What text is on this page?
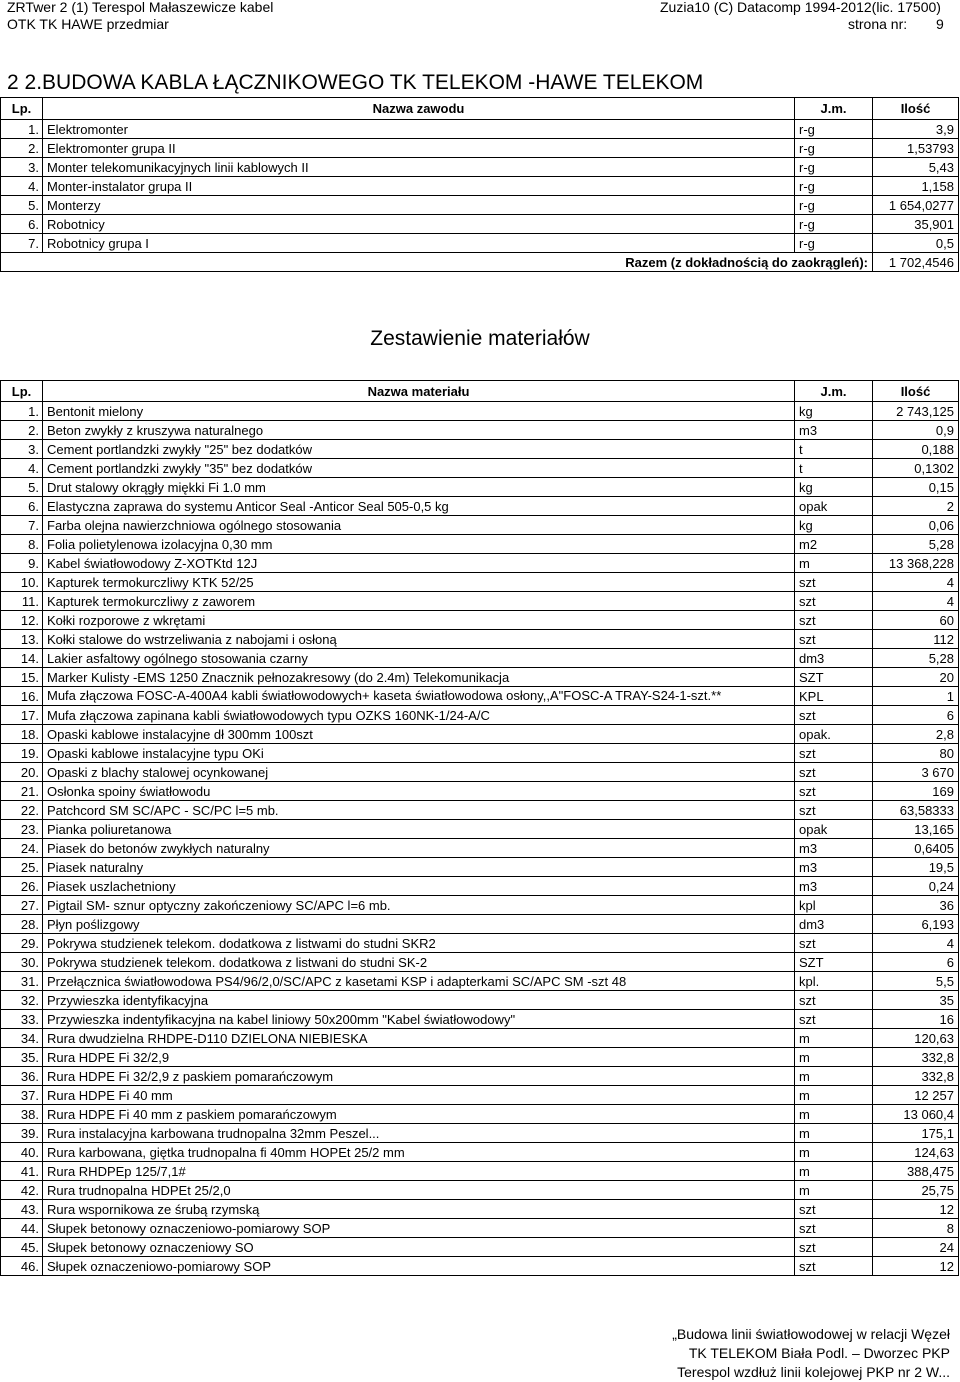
ZRTwer 2 (1) Terespol Małaszewicze kabel
OTK TK HAWE przedmiar
Zuzia10 (C) Datacomp 1994-2012(lic. 17500)
strona nr: 9
2 2.BUDOWA KABLA ŁĄCZNIKOWEGO TK TELEKOM -HAWE TELEKOM
Lp.	Nazwa zawodu	J.m.	Ilość
1.	Elektromonter	r-g	3,9
2.	Elektromonter grupa II	r-g	1,53793
3.	Monter telekomunikacyjnych linii kablowych II	r-g	5,43
4.	Monter-instalator grupa II	r-g	1,158
5.	Monterzy	r-g	1 654,0277
6.	Robotnicy	r-g	35,901
7.	Robotnicy grupa I	r-g	0,5
Razem (z dokładnością do zaokrągleń):			1 702,4546
Zestawienie materiałów
Lp.	Nazwa materiału	J.m.	Ilość
1.	Bentonit mielony	kg	2 743,125
2.	Beton zwykły z kruszywa naturalnego	m3	0,9
3.	Cement portlandzki zwykły "25" bez dodatków	t	0,188
4.	Cement portlandzki zwykły "35" bez dodatków	t	0,1302
5.	Drut stalowy okrągły miękki Fi 1.0 mm	kg	0,15
6.	Elastyczna zaprawa do systemu Anticor Seal -Anticor Seal 505-0,5 kg	opak	2
7.	Farba olejna nawierzchniowa ogólnego stosowania	kg	0,06
8.	Folia polietylenowa izolacyjna 0,30 mm	m2	5,28
9.	Kabel światłowodowy Z-XOTKtd 12J	m	13 368,228
10.	Kapturek termokurczliwy KTK 52/25	szt	4
11.	Kapturek termokurczliwy z zaworem	szt	4
12.	Kołki rozporowe z wkrętami	szt	60
13.	Kołki stalowe do wstrzeliwania z nabojami i osłoną	szt	112
14.	Lakier asfaltowy ogólnego stosowania czarny	dm3	5,28
15.	Marker Kulisty -EMS 1250 Znacznik pełnozakresowy (do 2.4m) Telekomunikacja	SZT	20
16.	Mufa złączowa FOSC-A-400A4 kabli światłowodowych+ kaseta światłowodowa osłony,,A"FOSC-A TRAY-S24-1-szt.**	KPL	1
17.	Mufa złączowa zapinana kabli światłowodowych typu OZKS 160NK-1/24-A/C	szt	6
18.	Opaski kablowe instalacyjne dł 300mm 100szt	opak.	2,8
19.	Opaski kablowe instalacyjne typu OKi	szt	80
20.	Opaski z blachy stalowej ocynkowanej	szt	3 670
21.	Osłonka spoiny światłowodu	szt	169
22.	Patchcord SM SC/APC - SC/PC l=5 mb.	szt	63,58333
23.	Pianka poliuretanowa	opak	13,165
24.	Piasek do betonów zwykłych naturalny	m3	0,6405
25.	Piasek naturalny	m3	19,5
26.	Piasek uszlachetniony	m3	0,24
27.	Pigtail SM- sznur optyczny zakończeniowy SC/APC l=6 mb.	kpl	36
28.	Płyn poślizgowy	dm3	6,193
29.	Pokrywa studzienek telekom. dodatkowa z listwami do studni SKR2	szt	4
30.	Pokrywa studzienek telekom. dodatkowa z listwani do studni SK-2	SZT	6
31.	Przełącznica światłowodowa PS4/96/2,0/SC/APC z kasetami KSP i adapterkami SC/APC SM -szt 48	kpl.	5,5
32.	Przywieszka identyfikacyjna	szt	35
33.	Przywieszka indentyfikacyjna na kabel liniowy 50x200mm "Kabel światłowodowy"	szt	16
34.	Rura dwudzielna RHDPE-D110 DZIELONA NIEBIESKA	m	120,63
35.	Rura HDPE Fi 32/2,9	m	332,8
36.	Rura HDPE Fi 32/2,9 z paskiem pomarańczowym	m	332,8
37.	Rura HDPE Fi 40 mm	m	12 257
38.	Rura HDPE Fi 40 mm z paskiem pomarańczowym	m	13 060,4
39.	Rura instalacyjna karbowana trudnopalna 32mm Peszel...	m	175,1
40.	Rura karbowana, giętka trudnopalna fi 40mm HOPEt 25/2 mm	m	124,63
41.	Rura RHDPEp 125/7,1#	m	388,475
42.	Rura trudnopalna HDPEt 25/2,0	m	25,75
43.	Rura wspornikowa ze śrubą rzymską	szt	12
44.	Słupek betonowy oznaczeniowo-pomiarowy SOP	szt	8
45.	Słupek betonowy oznaczeniowy SO	szt	24
46.	Słupek oznaczeniowo-pomiarowy SOP	szt	12
„Budowa linii światłowodowej w relacji Węzeł
TK TELEKOM Biała Podl. – Dworzec PKP
Terespol wzdłuż linii kolejowej PKP nr 2 W...
